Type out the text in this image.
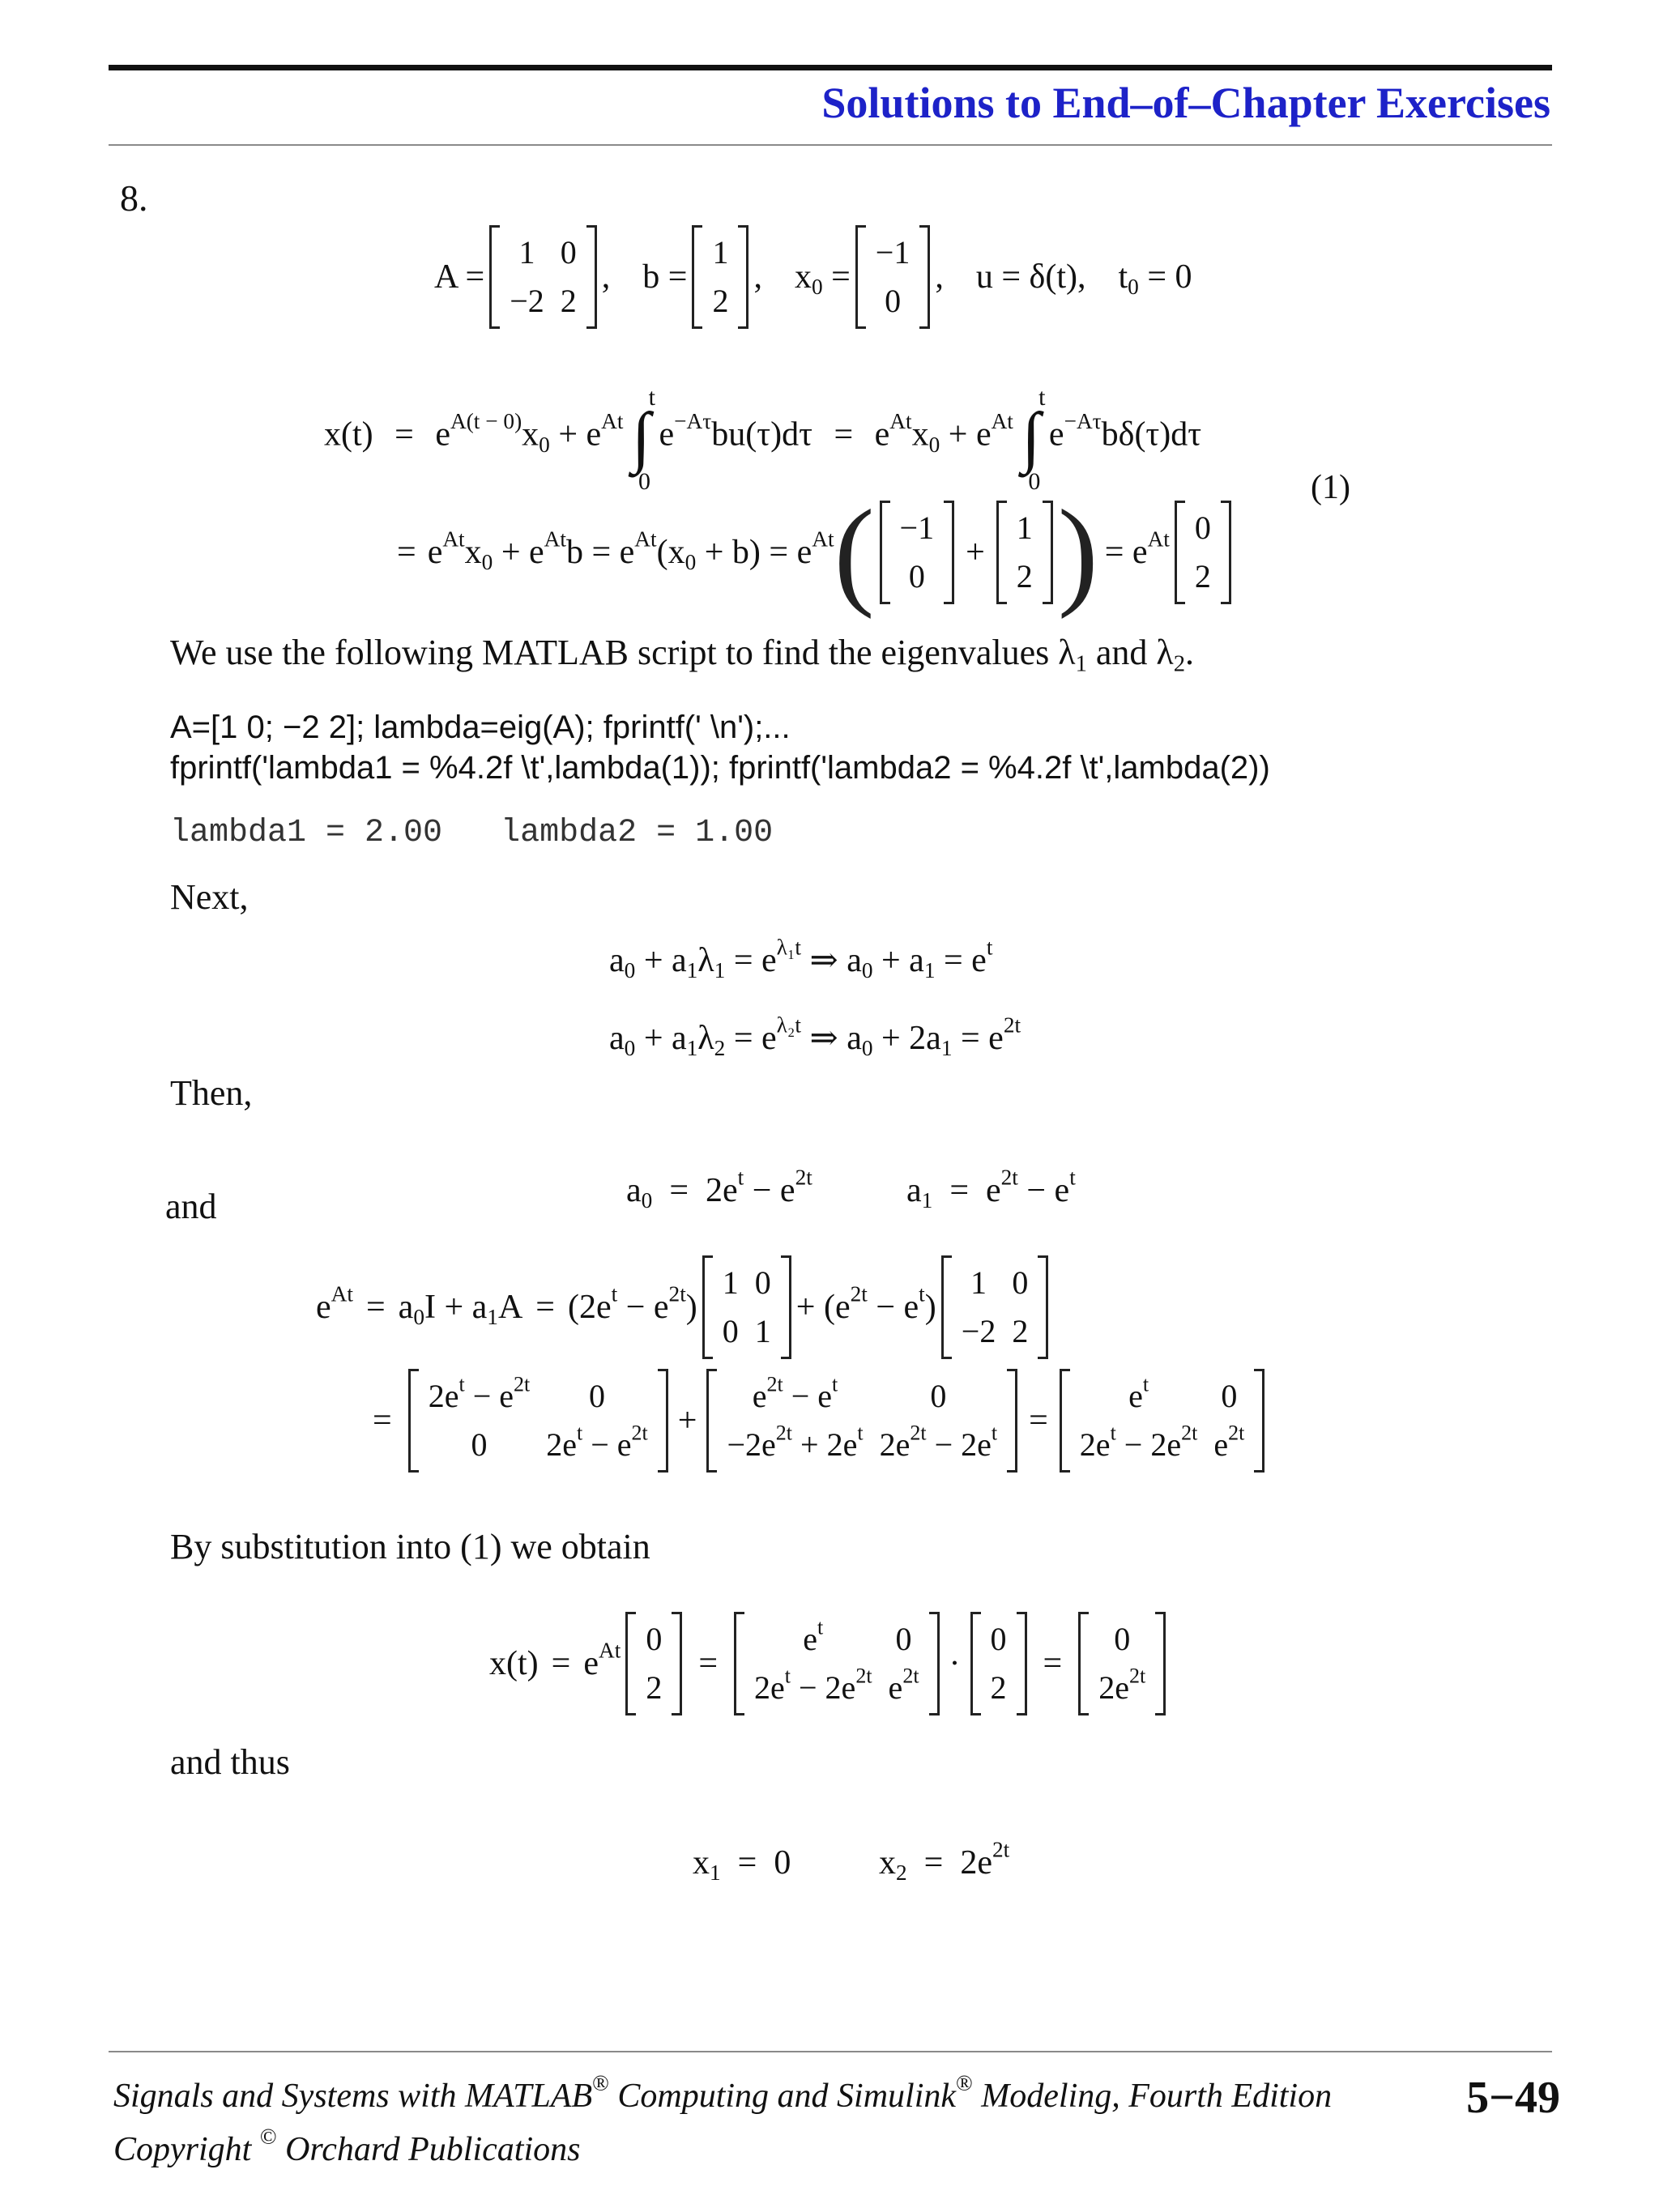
Solutions to End–of–Chapter Exercises
8.
A =
1	0
−2	2
, b =
1
2
, $x_0$ =
−1
0
, u = δ(t), $t_0 = 0$
$x(t) = e^{A(t - 0)}x_0 + e^{At}$ ∫
t
0
$e^{-A\tau}bu(\tau)d\tau = e^{At}x_0 + e^{At}$ ∫
t
0
$e^{-A\tau}b\delta(\tau)d\tau$
(1)
= $e^{At}x_0 + e^{At}b = e^{At}(x_0 + b) = e^{At}$ ( −1
0
+
1
2 ) = $e^{At}$ 0
2
We use the following MATLAB script to find the eigenvalues $\lambda_1$ and $\lambda_2$.
A=[1 0; −2 2]; lambda=eig(A); fprintf(' \n');...
fprintf('lambda1 = %4.2f \t',lambda(1)); fprintf('lambda2 = %4.2f \t',lambda(2))
lambda1 = 2.00   lambda2 = 1.00
Next,
$a_0 + a_1\lambda_1 = e^{\lambda_1t}$ ⇒ $a_0 + a_1 = e^t$
$a_0 + a_1\lambda_2 = e^{\lambda_2t}$ ⇒ $a_0 + 2a_1 = e^{2t}$
Then,

$a_0 = 2e^t - e^{2t}$	$a_1 = e^{2t} - e^t$

and
$e^{At} = a_0I + a_1A = (2e^t - e^{2t})$
1	0
0	1
+ $(e^{2t} - e^t)$
1	0
−2	2
=
$2e^t - e^{2t}$	0
0	$2e^t - e^{2t}$ +
$e^{2t} - e^t$	0
$-2e^{2t} + 2e^t$	$2e^{2t} - 2e^t$ =
$e^t$	0
$2e^t - 2e^{2t}$	$e^{2t}$
By substitution into (1) we obtain
$x(t) = e^{At}$ 0
2
=
$e^t$	0
$2e^t - 2e^{2t}$	$e^{2t}$ ·
0
2
=
0
$2e^{2t}$
and thus

$x_1 = 0$	$x_2 = 2e^{2t}$

Signals and Systems with MATLAB® Computing and Simulink® Modeling, Fourth Edition	5−49
Copyright © Orchard Publications
